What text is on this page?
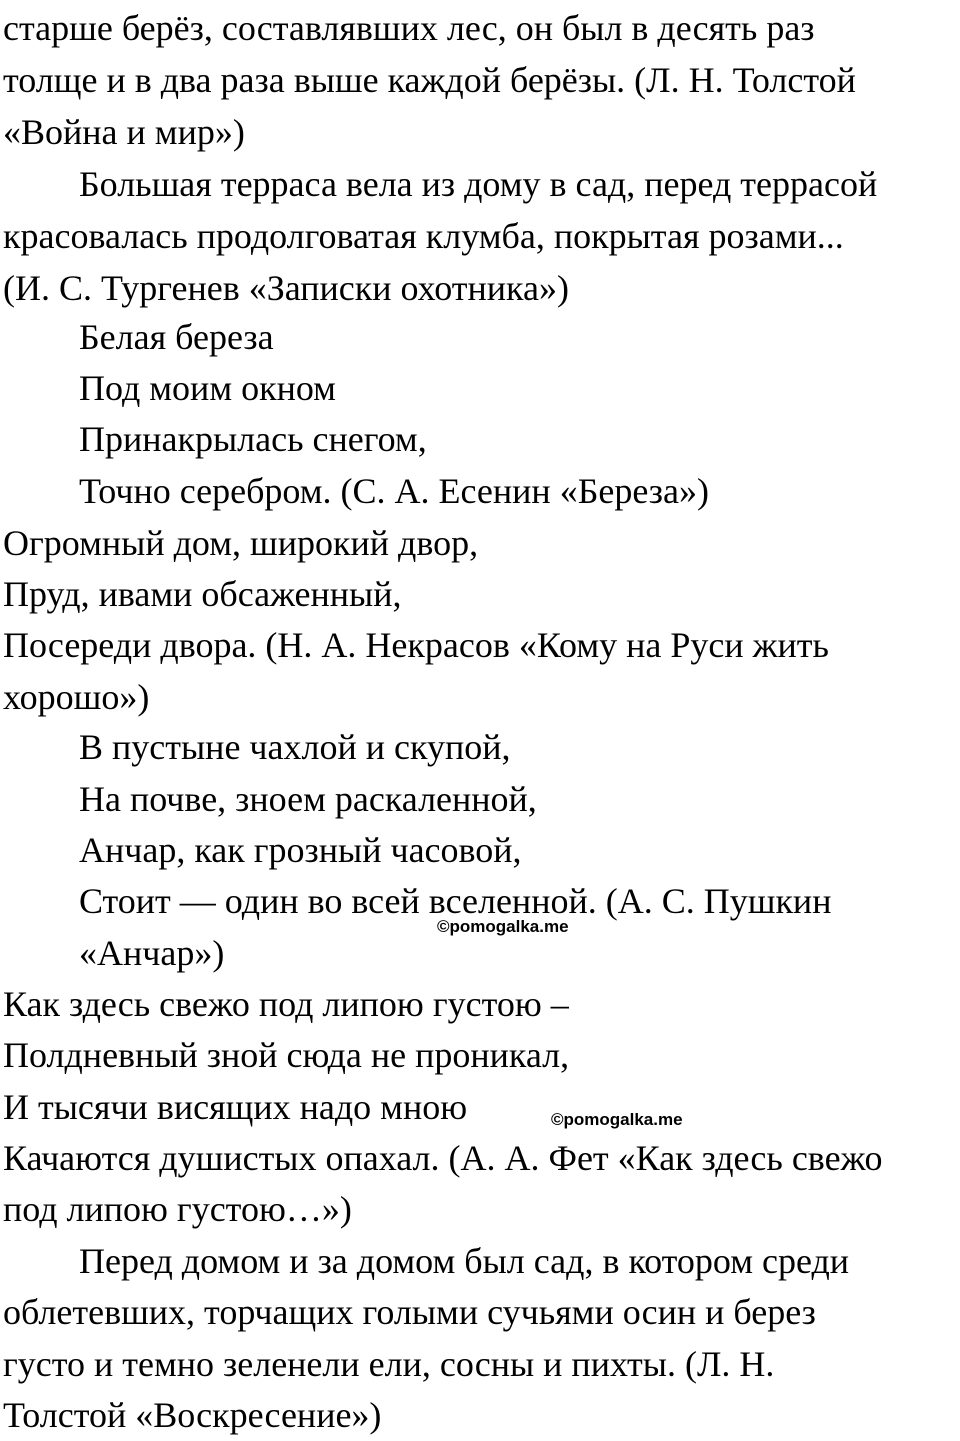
старше берёз, составлявших лес, он был в десять раз
толще и в два раза выше каждой берёзы. (Л. Н. Толстой
«Война и мир»)
Большая терраса вела из дому в сад, перед террасой
красовалась продолговатая клумба, покрытая розами...
(И. С. Тургенев «Записки охотника»)
Белая береза
Под моим окном
Принакрылась снегом,
Точно серебром. (С. А. Есенин «Береза»)
Огромный дом, широкий двор,
Пруд, ивами обсаженный,
Посереди двора. (Н. А. Некрасов «Кому на Руси жить
хорошо»)
В пустыне чахлой и скупой,
На почве, зноем раскаленной,
Анчар, как грозный часовой,
Стоит — один во всей вселенной. (А. С. Пушкин
«Анчар»)
Как здесь свежо под липою густою –
Полдневный зной сюда не проникал,
И тысячи висящих надо мною
Качаются душистых опахал. (А. А. Фет «Как здесь свежо
под липою густою…»)
Перед домом и за домом был сад, в котором среди
облетевших, торчащих голыми сучьями осин и берез
густо и темно зеленели ели, сосны и пихты. (Л. Н.
Толстой «Воскресение»)
©pomogalka.me
©pomogalka.me
